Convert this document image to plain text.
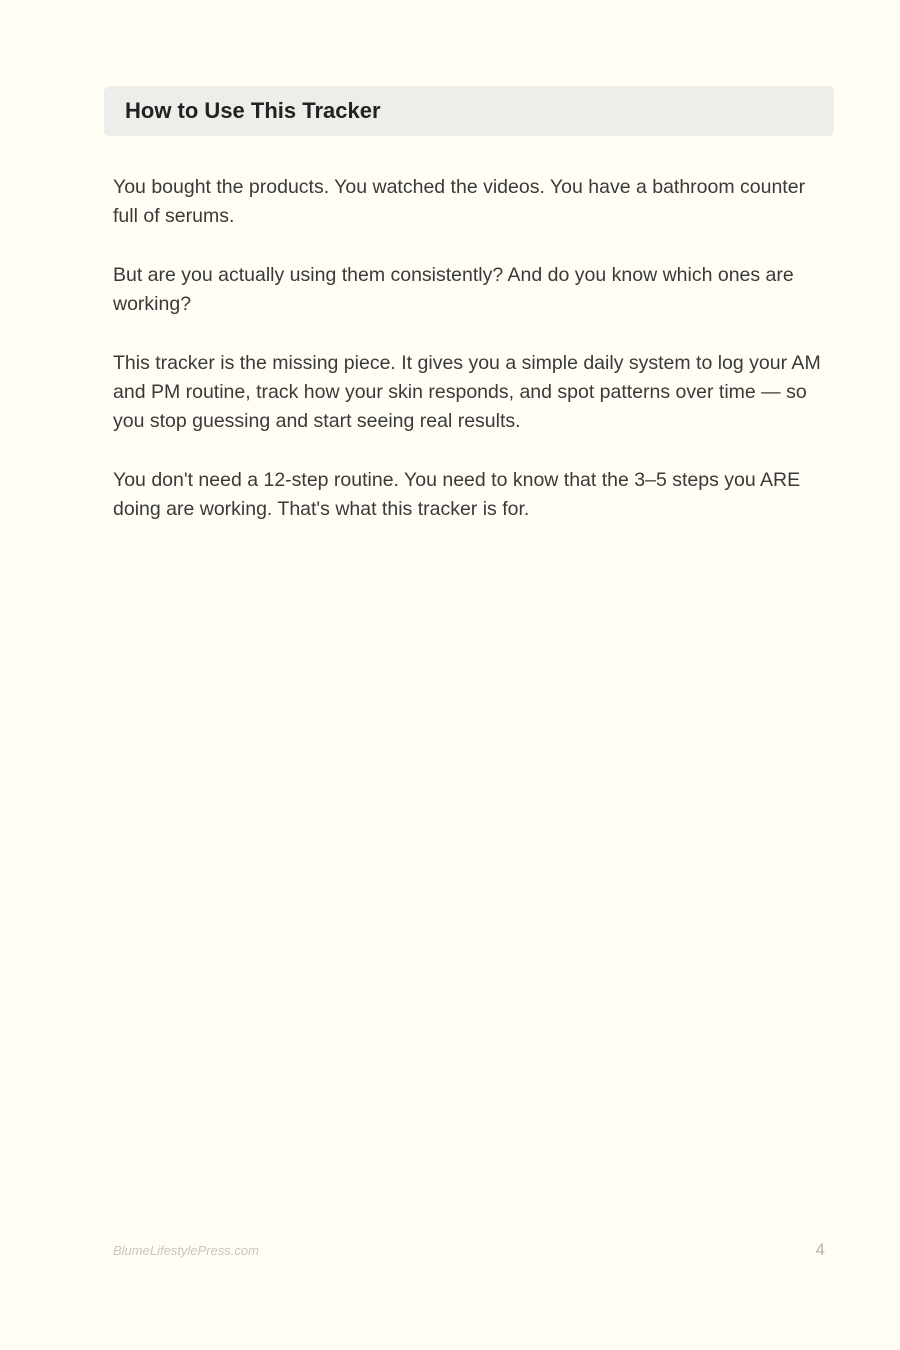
How to Use This Tracker

You bought the products. You watched the videos. You have a bathroom counter full of serums.

But are you actually using them consistently? And do you know which ones are working?

This tracker is the missing piece. It gives you a simple daily system to log your AM and PM routine, track how your skin responds, and spot patterns over time — so you stop guessing and start seeing real results.

You don't need a 12-step routine. You need to know that the 3–5 steps you ARE doing are working. That's what this tracker is for.

BlumeLifestylePress.com	4
